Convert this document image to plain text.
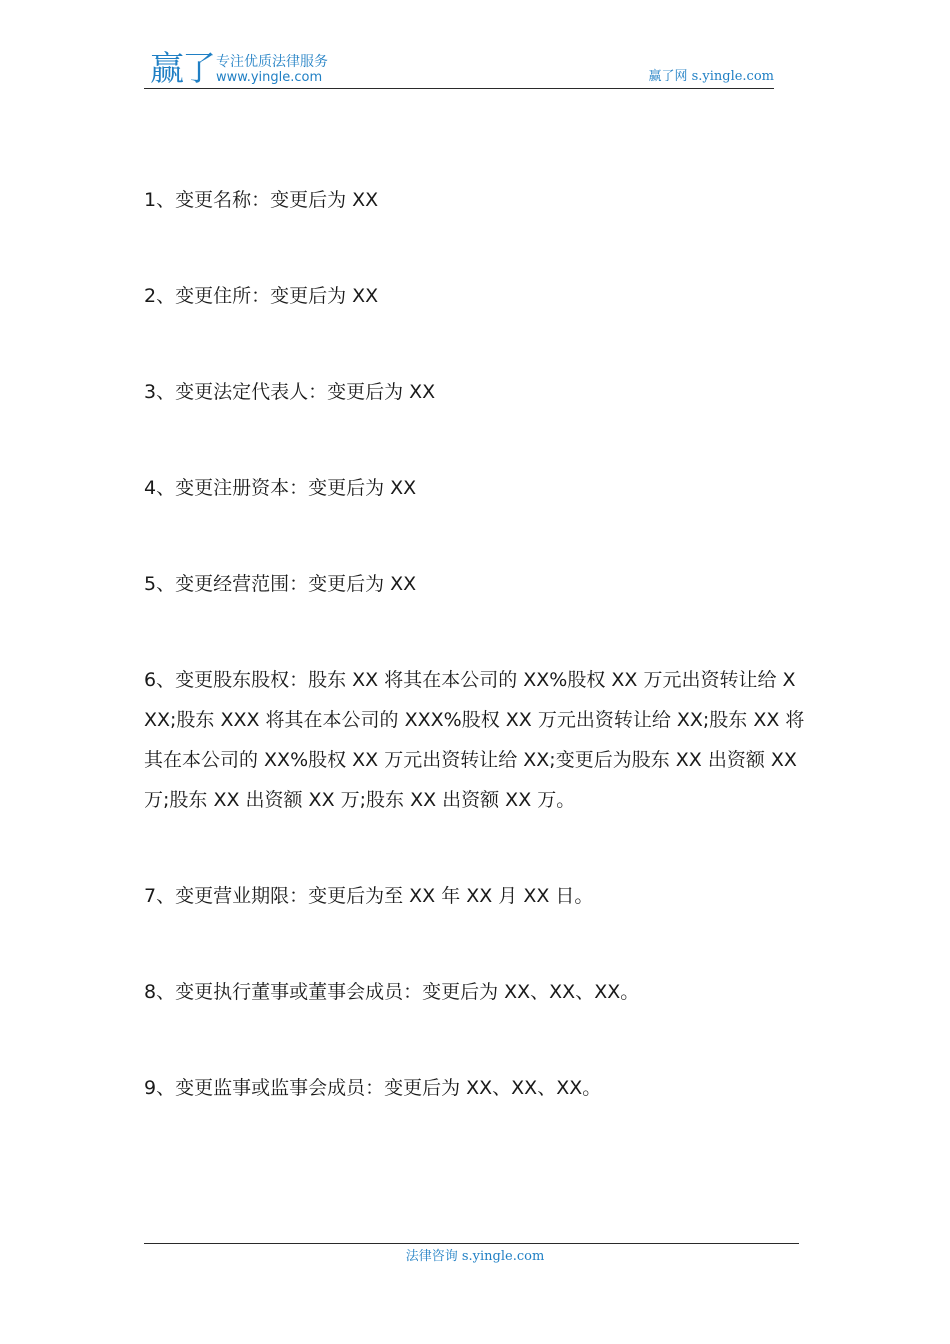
赢了 专注优质法律服务
www.yingle.com	赢了网 s.yingle.com

1、变更名称：变更后为 XX

2、变更住所：变更后为 XX

3、变更法定代表人：变更后为 XX

4、变更注册资本：变更后为 XX

5、变更经营范围：变更后为 XX

6、变更股东股权：股东 XX 将其在本公司的 XX%股权 XX 万元出资转让给 XXX;股东 XXX 将其在本公司的 XXX%股权 XX 万元出资转让给 XX;股东 XX 将其在本公司的 XX%股权 XX 万元出资转让给 XX;变更后为股东 XX 出资额 XX 万;股东 XX 出资额 XX 万;股东 XX 出资额 XX 万。

7、变更营业期限：变更后为至 XX 年 XX 月 XX 日。

8、变更执行董事或董事会成员：变更后为 XX、XX、XX。

9、变更监事或监事会成员：变更后为 XX、XX、XX。

法律咨询 s.yingle.com
